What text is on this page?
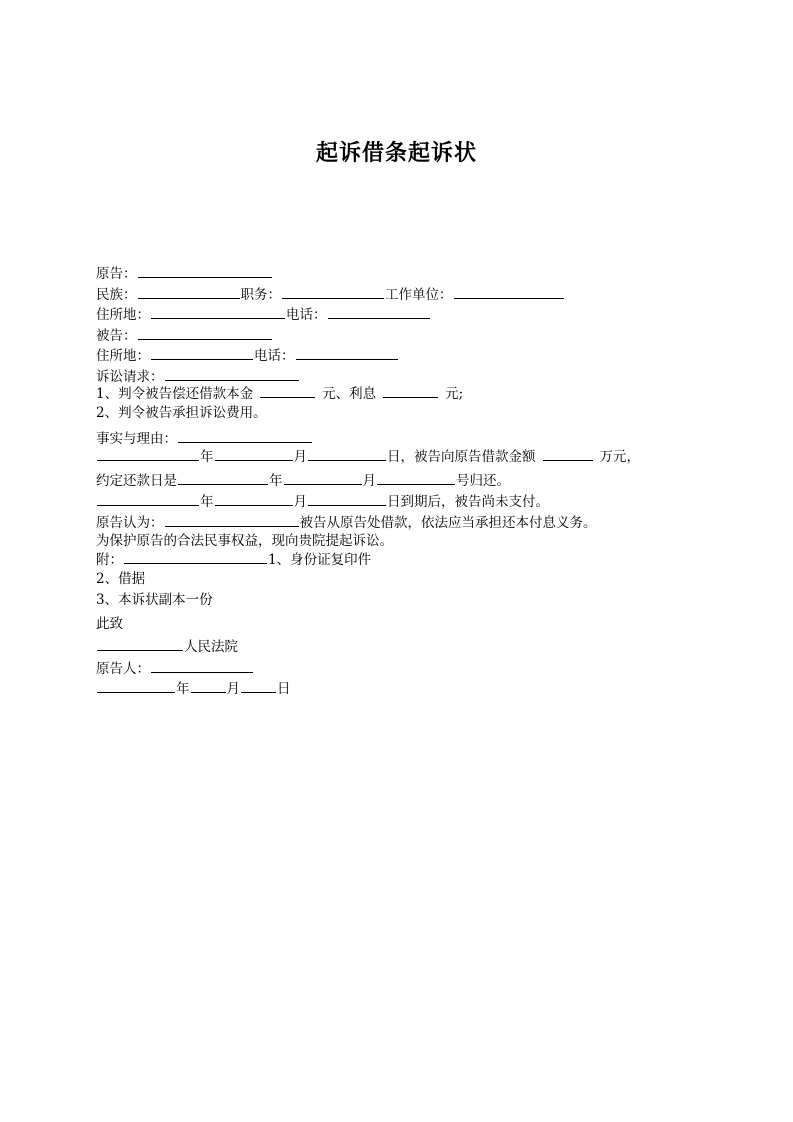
起诉借条起诉状
原告：
民族：	职务：	工作单位：
住所地：	电话：
被告：
住所地：	电话：
诉讼请求：
1、判令被告偿还借款本金	元、利息	元;
2、判令被告承担诉讼费用。
事实与理由：
年	月	日，被告向原告借款金额	万元，
约定还款日是	年	月	号归还。
年	月	日到期后，被告尚未支付。
原告认为：	被告从原告处借款，依法应当承担还本付息义务。
为保护原告的合法民事权益，现向贵院提起诉讼。
附：	1、身份证复印件
2、借据
3、本诉状副本一份
此致
人民法院
原告人：
年	月	日
